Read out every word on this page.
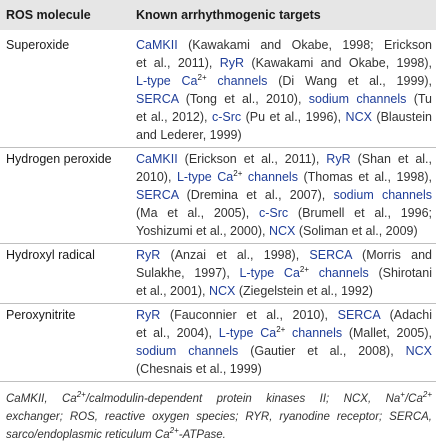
ROS molecule	Known arrhythmogenic targets
Superoxide	CaMKII (Kawakami and Okabe, 1998; Erickson
et al., 2011), RyR (Kawakami and Okabe, 1998),
L-type $Ca^{2+}$ channels (Di Wang et al., 1999),
SERCA (Tong et al., 2010), sodium channels (Tu
et al., 2012), c-Src (Pu et al., 1996), NCX (Blaustein
and Lederer, 1999)
Hydrogen peroxide CaMKII (Erickson et al., 2011), RyR (Shan et al.,
2010), L-type $Ca^{2+}$ channels (Thomas et al., 1998),
SERCA (Dremina et al., 2007), sodium channels
(Ma et al., 2005), c-Src (Brumell et al., 1996;
Yoshizumi et al., 2000), NCX (Soliman et al., 2009)
Hydroxyl radical	RyR (Anzai et al., 1998), SERCA (Morris and
Sulakhe, 1997), L-type $Ca^{2+}$ channels (Shirotani
et al., 2001), NCX (Ziegelstein et al., 1992)
Peroxynitrite	RyR (Fauconnier et al., 2010), SERCA (Adachi
et al., 2004), L-type $Ca^{2+}$ channels (Mallet, 2005),
sodium channels (Gautier et al., 2008), NCX
(Chesnais et al., 1999)
CaMKII, $Ca^{2+}/calmodulin$-dependent protein kinases II; NCX, $Na^+/Ca^{2+}$
exchanger; ROS, reactive oxygen species; RYR, ryanodine receptor; SERCA,
sarco/endoplasmic reticulum $Ca^{2+}$-ATPase.
